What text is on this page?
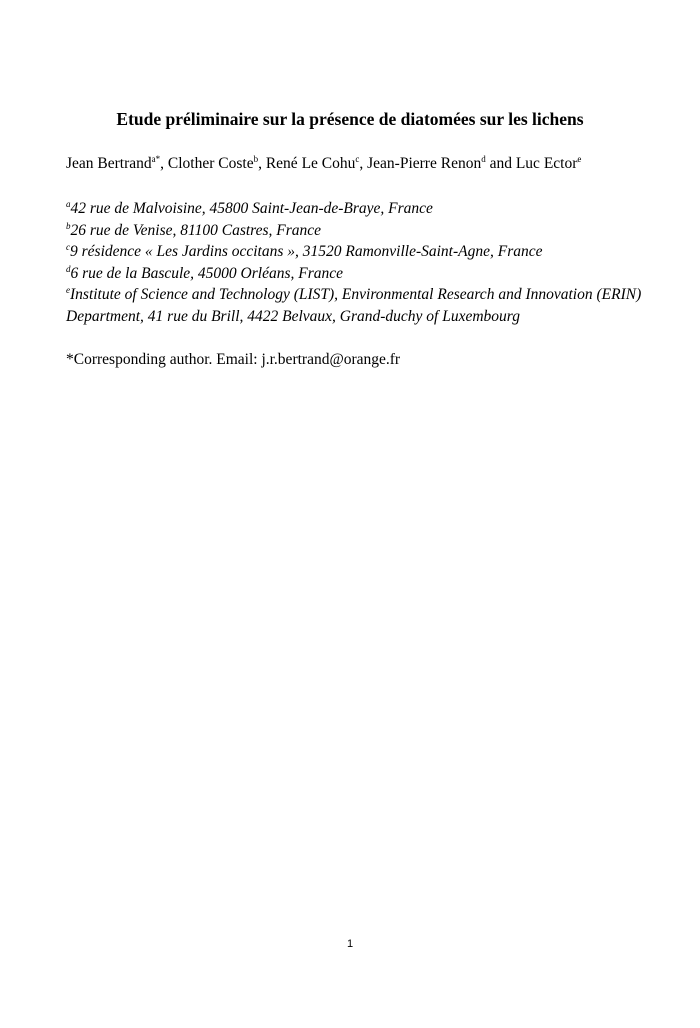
Etude préliminaire sur la présence de diatomées sur les lichens
Jean Bertrand$^{a*}$, Clother Coste$^b$, René Le Cohu$^c$, Jean-Pierre Renon$^d$ and Luc Ector$^e$
$^a$42 rue de Malvoisine, 45800 Saint-Jean-de-Braye, France
$^b$26 rue de Venise, 81100 Castres, France
$^c$9 résidence « Les Jardins occitans », 31520 Ramonville-Saint-Agne, France
$^d$6 rue de la Bascule, 45000 Orléans, France
$^e$Institute of Science and Technology (LIST), Environmental Research and Innovation (ERIN) Department, 41 rue du Brill, 4422 Belvaux, Grand-duchy of Luxembourg
*Corresponding author. Email: j.r.bertrand@orange.fr
1
